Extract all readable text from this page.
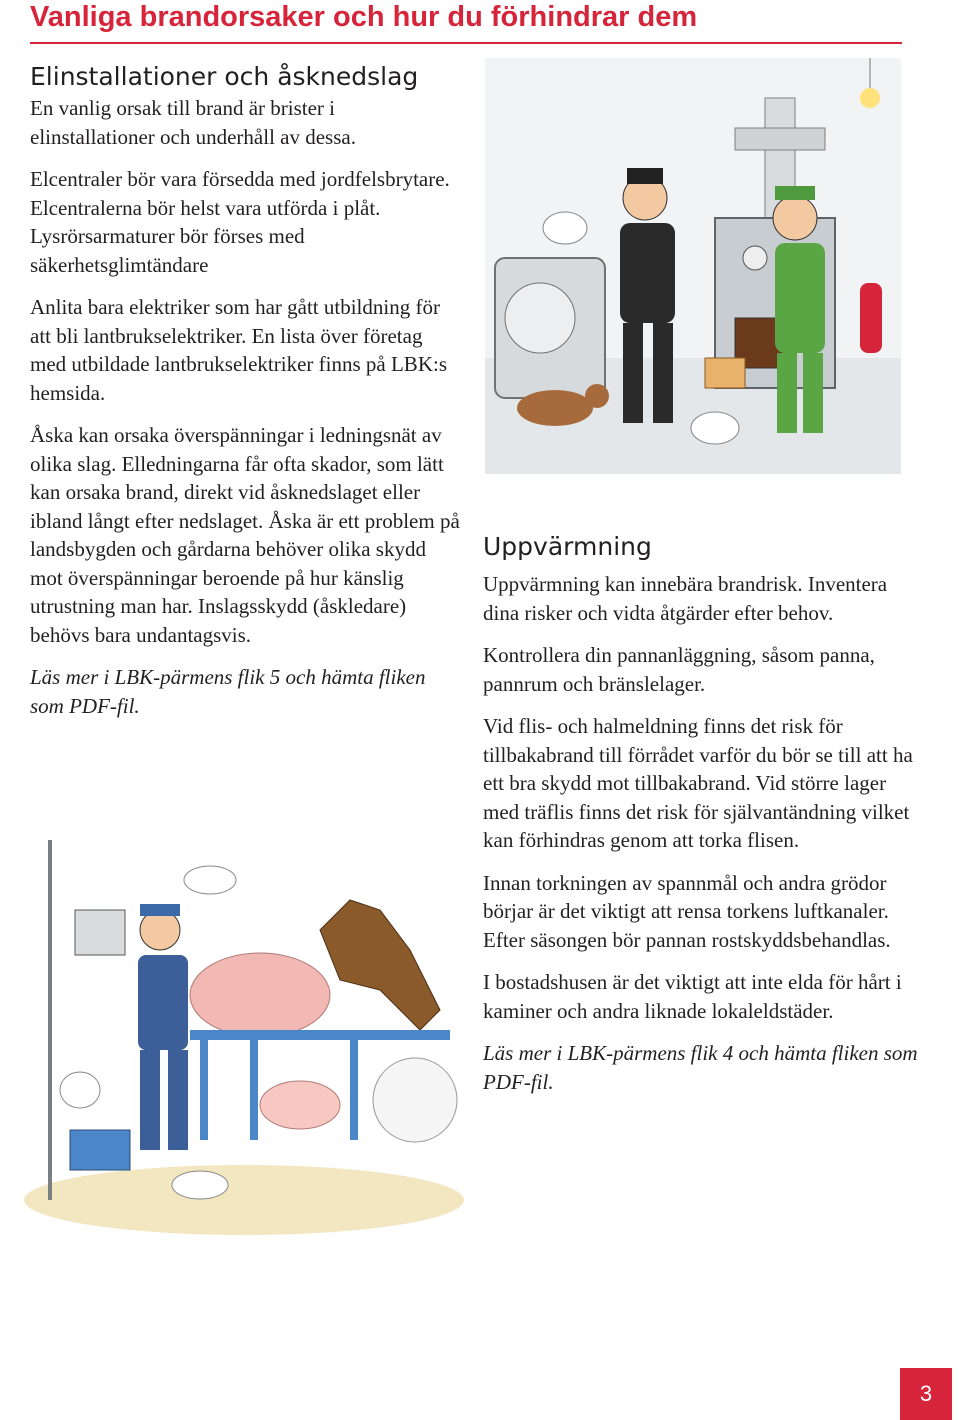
Vanliga brandorsaker och hur du förhindrar dem
Elinstallationer och åsknedslag

En vanlig orsak till brand är brister i elinstallationer och underhåll av dessa.

Elcentraler bör vara försedda med jordfelsbrytare. Elcentralerna bör helst vara utförda i plåt. Lysrörsarmaturer bör förses med säkerhetsglimtändare

Anlita bara elektriker som har gått utbildning för att bli lantbrukselektriker. En lista över företag med utbildade lantbrukselektriker finns på LBK:s hemsida.

Åska kan orsaka överspänningar i ledningsnät av olika slag. Elledningarna får ofta skador, som lätt kan orsaka brand, direkt vid åsknedslaget eller ibland långt efter nedslaget. Åska är ett problem på landsbygden och gårdarna behöver olika skydd mot överspänningar beroende på hur känslig utrustning man har. Inslagsskydd (åskledare) behövs bara undantagsvis.

Läs mer i LBK-pärmens flik 5 och hämta fliken som PDF-fil.

Uppvärmning

Uppvärmning kan innebära brandrisk. Inventera dina risker och vidta åtgärder efter behov.

Kontrollera din pannanläggning, såsom panna, pannrum och bränslelager.

Vid flis- och halmeldning finns det risk för tillbakabrand till förrådet varför du bör se till att ha ett bra skydd mot tillbakabrand. Vid större lager med träflis finns det risk för självantändning vilket kan förhindras genom att torka flisen.

Innan torkningen av spannmål och andra grödor börjar är det viktigt att rensa torkens luftkanaler. Efter säsongen bör pannan rostskyddsbehandlas.

I bostadshusen är det viktigt att inte elda för hårt i kaminer och andra liknade lokaleldstäder.

Läs mer i LBK-pärmens flik 4 och hämta fliken som PDF-fil.

3
